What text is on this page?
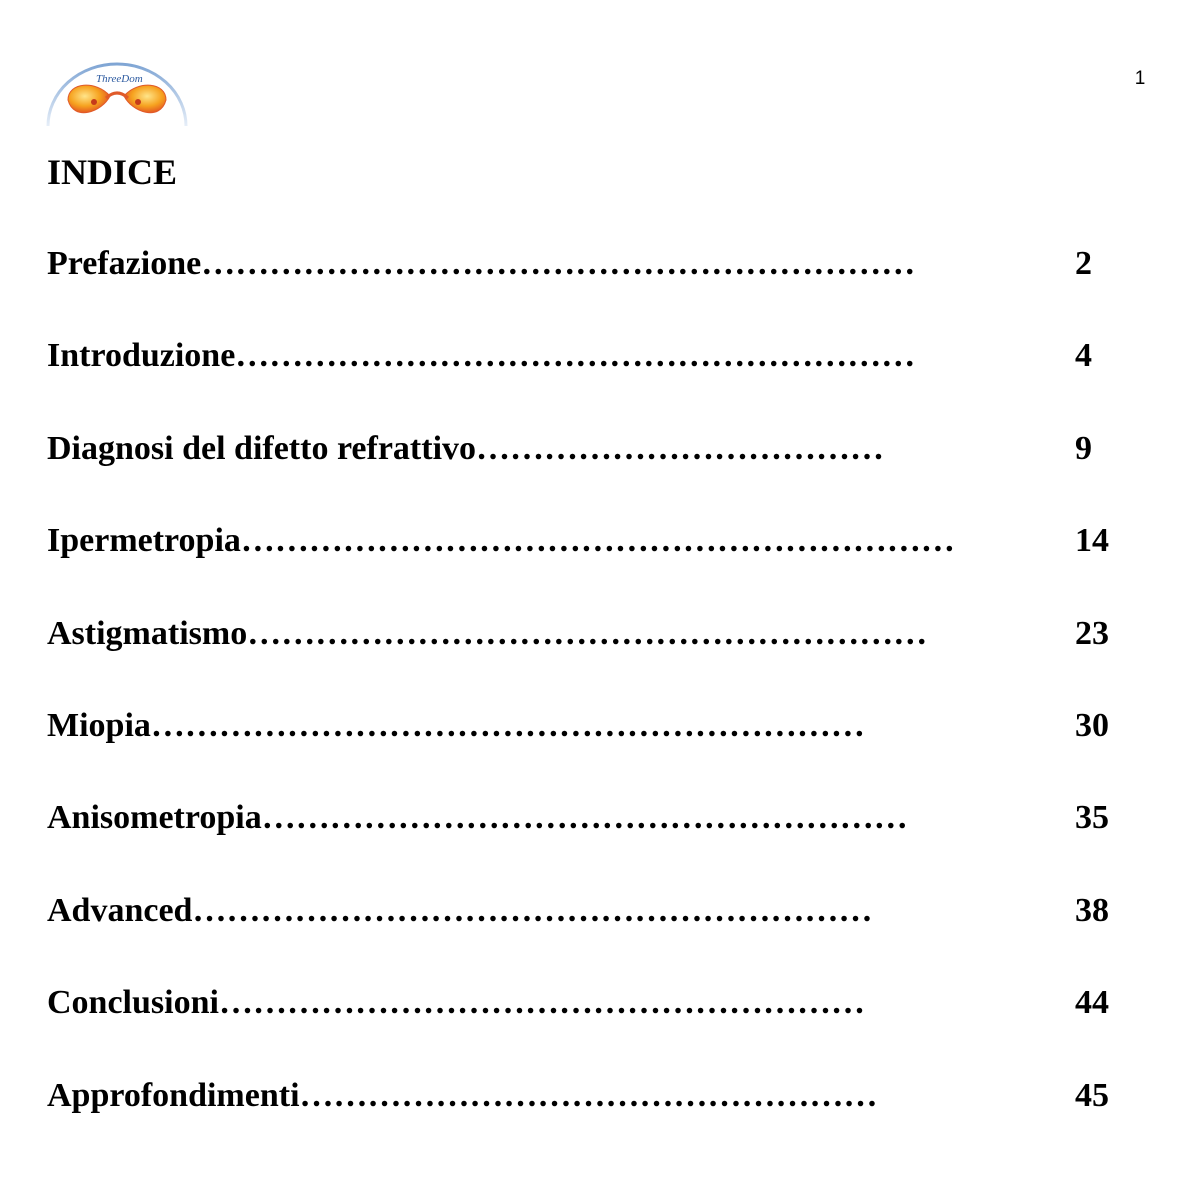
ThreeDom	1
INDICE
Prefazione………………………………………………………	2
Introduzione……………………………………………………	4
Diagnosi del difetto refrattivo………………………………	9
Ipermetropia………………………………………………………	14
Astigmatismo……………………………………………………	23
Miopia………………………………………………………	30
Anisometropia…………………………………………………	35
Advanced……………………………………………………	38
Conclusioni…………………………………………………	44
Approfondimenti……………………………………………	45
